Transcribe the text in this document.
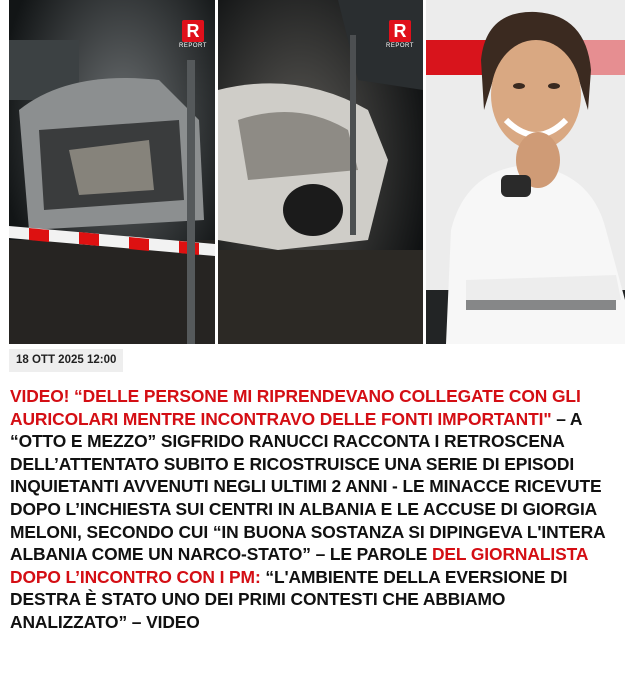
R
REPORT
R
REPORT
18 OTT 2025 12:00

VIDEO! “DELLE PERSONE MI RIPRENDEVANO COLLEGATE CON GLI AURICOLARI MENTRE INCONTRAVO DELLE FONTI IMPORTANTI" – A “OTTO E MEZZO” SIGFRIDO RANUCCI RACCONTA I RETROSCENA DELL’ATTENTATO SUBITO E RICOSTRUISCE UNA SERIE DI EPISODI INQUIETANTI AVVENUTI NEGLI ULTIMI 2 ANNI - LE MINACCE RICEVUTE DOPO L’INCHIESTA SUI CENTRI IN ALBANIA E LE ACCUSE DI GIORGIA MELONI, SECONDO CUI “IN BUONA SOSTANZA SI DIPINGEVA L'INTERA ALBANIA COME UN NARCO-STATO” – LE PAROLE DEL GIORNALISTA DOPO L’INCONTRO CON I PM: “L'AMBIENTE DELLA EVERSIONE DI DESTRA È STATO UNO DEI PRIMI CONTESTI CHE ABBIAMO ANALIZZATO” – VIDEO
